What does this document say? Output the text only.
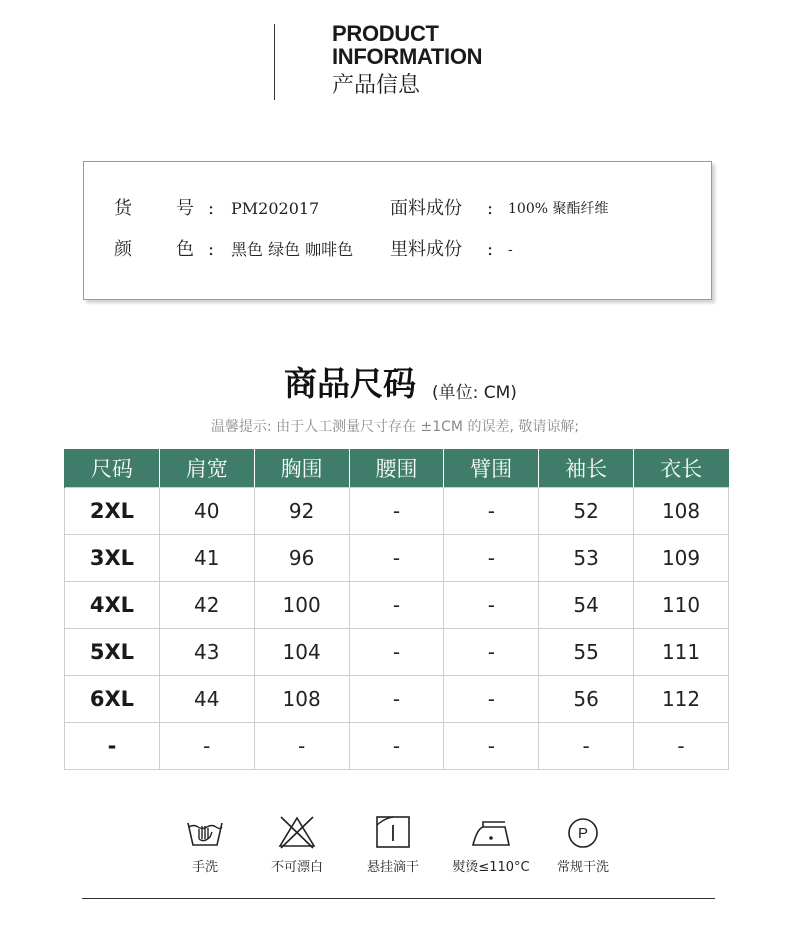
PRODUCT
INFORMATION
产品信息
货 号 : PM202017	面料成份 : 100% 聚酯纤维
颜 色 : 黑色 绿色 咖啡色 里料成份 : -
商品尺码 (单位: CM)
温馨提示: 由于人工测量尺寸存在 ±1CM 的误差, 敬请谅解;
尺码	肩宽	胸围	腰围	臂围	袖长	衣长
2XL	40	92	-	-	52	108
3XL	41	96	-	-	53	109
4XL	42	100	-	-	54	110
5XL	43	104	-	-	55	111
6XL	44	108	-	-	56	112
-	-	-	-	-	-	-
手洗	不可漂白	悬挂滴干	熨烫≤110°C
P
常规干洗
